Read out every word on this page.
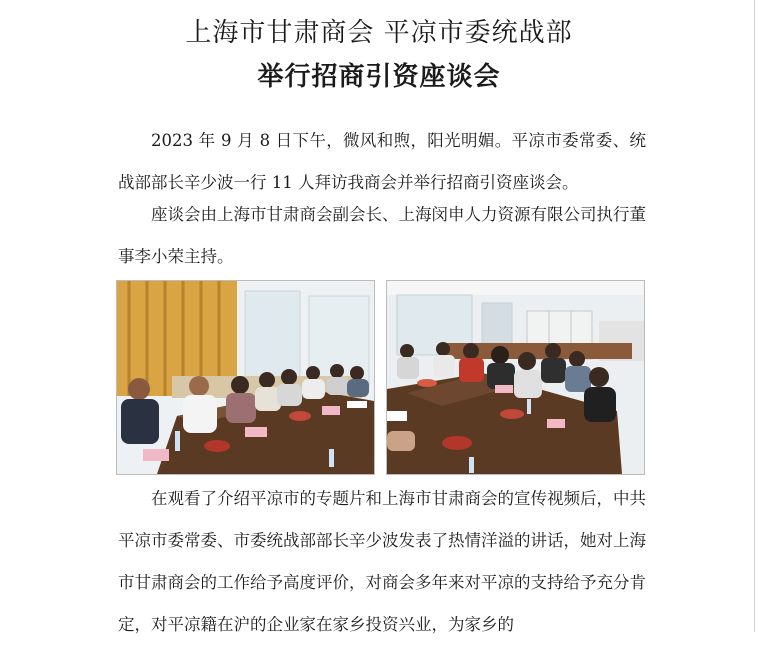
上海市甘肃商会 平凉市委统战部
举行招商引资座谈会

2023 年 9 月 8 日下午，微风和煦，阳光明媚。平凉市委常委、统战部部长辛少波一行 11 人拜访我商会并举行招商引资座谈会。

座谈会由上海市甘肃商会副会长、上海闵申人力资源有限公司执行董事李小荣主持。

在观看了介绍平凉市的专题片和上海市甘肃商会的宣传视频后，中共平凉市委常委、市委统战部部长辛少波发表了热情洋溢的讲话，她对上海市甘肃商会的工作给予高度评价，对商会多年来对平凉的支持给予充分肯定，对平凉籍在沪的企业家在家乡投资兴业，为家乡的
